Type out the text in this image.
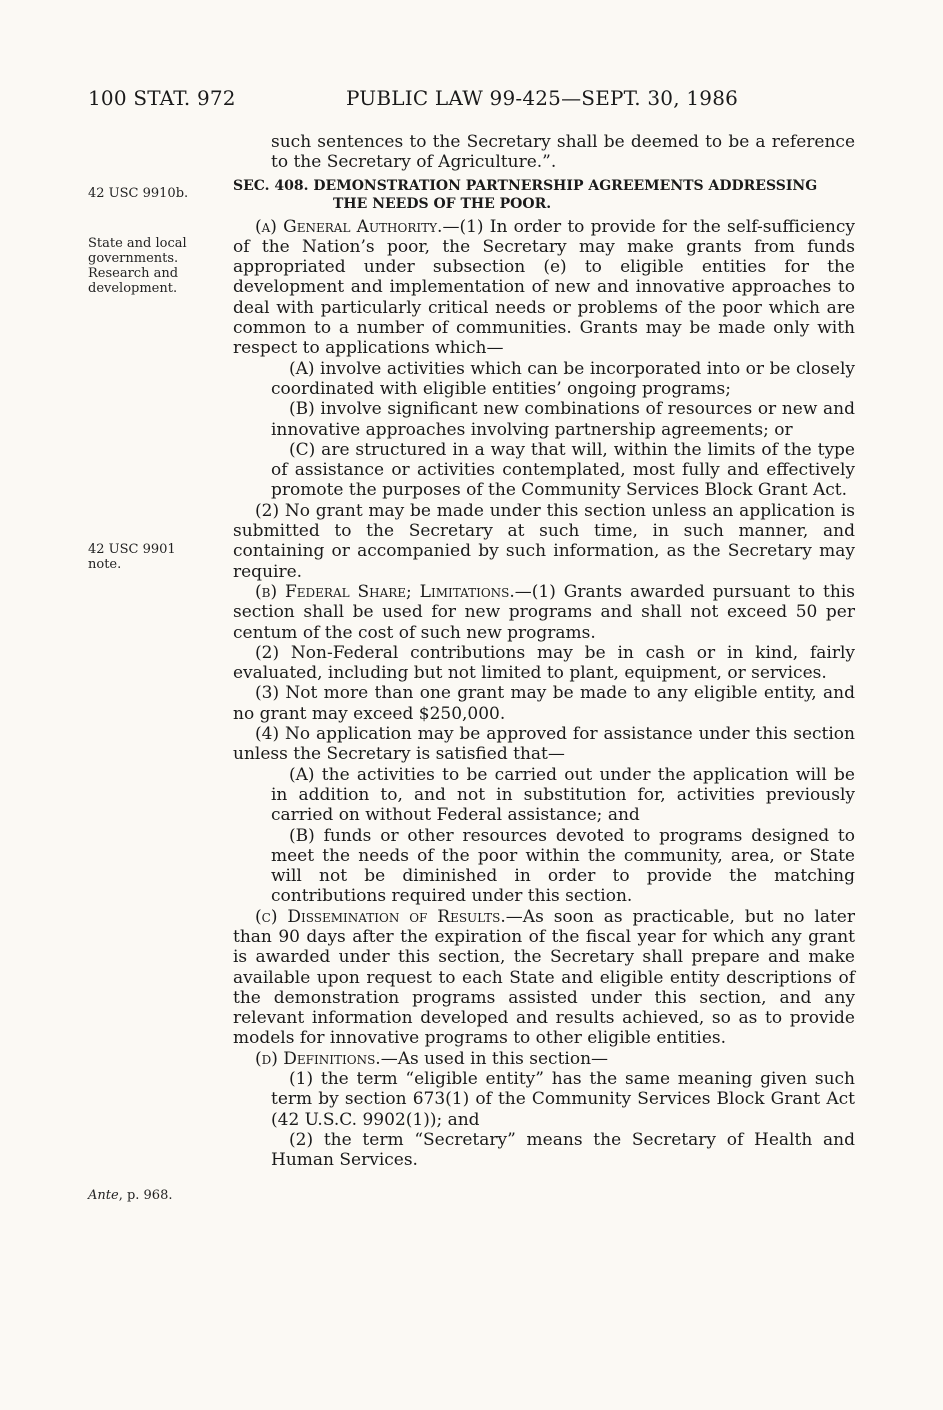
100 STAT. 972	PUBLIC LAW 99-425—SEPT. 30, 1986
42 USC 9910b.
State and local governments. Research and development.
42 USC 9901 note.
Ante, p. 968.

such sentences to the Secretary shall be deemed to be a reference to the Secretary of Agriculture.”.

SEC. 408. DEMONSTRATION PARTNERSHIP AGREEMENTS ADDRESSING
THE NEEDS OF THE POOR.

(a) General Authority.—(1) In order to provide for the self-sufficiency of the Nation’s poor, the Secretary may make grants from funds appropriated under subsection (e) to eligible entities for the development and implementation of new and innovative approaches to deal with particularly critical needs or problems of the poor which are common to a number of communities. Grants may be made only with respect to applications which—

(A) involve activities which can be incorporated into or be closely coordinated with eligible entities’ ongoing programs;

(B) involve significant new combinations of resources or new and innovative approaches involving partnership agreements; or

(C) are structured in a way that will, within the limits of the type of assistance or activities contemplated, most fully and effectively promote the purposes of the Community Services Block Grant Act.

(2) No grant may be made under this section unless an application is submitted to the Secretary at such time, in such manner, and containing or accompanied by such information, as the Secretary may require.

(b) Federal Share; Limitations.—(1) Grants awarded pursuant to this section shall be used for new programs and shall not exceed 50 per centum of the cost of such new programs.

(2) Non-Federal contributions may be in cash or in kind, fairly evaluated, including but not limited to plant, equipment, or services.

(3) Not more than one grant may be made to any eligible entity, and no grant may exceed $250,000.

(4) No application may be approved for assistance under this section unless the Secretary is satisfied that—

(A) the activities to be carried out under the application will be in addition to, and not in substitution for, activities previously carried on without Federal assistance; and

(B) funds or other resources devoted to programs designed to meet the needs of the poor within the community, area, or State will not be diminished in order to provide the matching contributions required under this section.

(c) Dissemination of Results.—As soon as practicable, but no later than 90 days after the expiration of the fiscal year for which any grant is awarded under this section, the Secretary shall prepare and make available upon request to each State and eligible entity descriptions of the demonstration programs assisted under this section, and any relevant information developed and results achieved, so as to provide models for innovative programs to other eligible entities.

(d) Definitions.—As used in this section—

(1) the term “eligible entity” has the same meaning given such term by section 673(1) of the Community Services Block Grant Act (42 U.S.C. 9902(1)); and

(2) the term “Secretary” means the Secretary of Health and Human Services.
